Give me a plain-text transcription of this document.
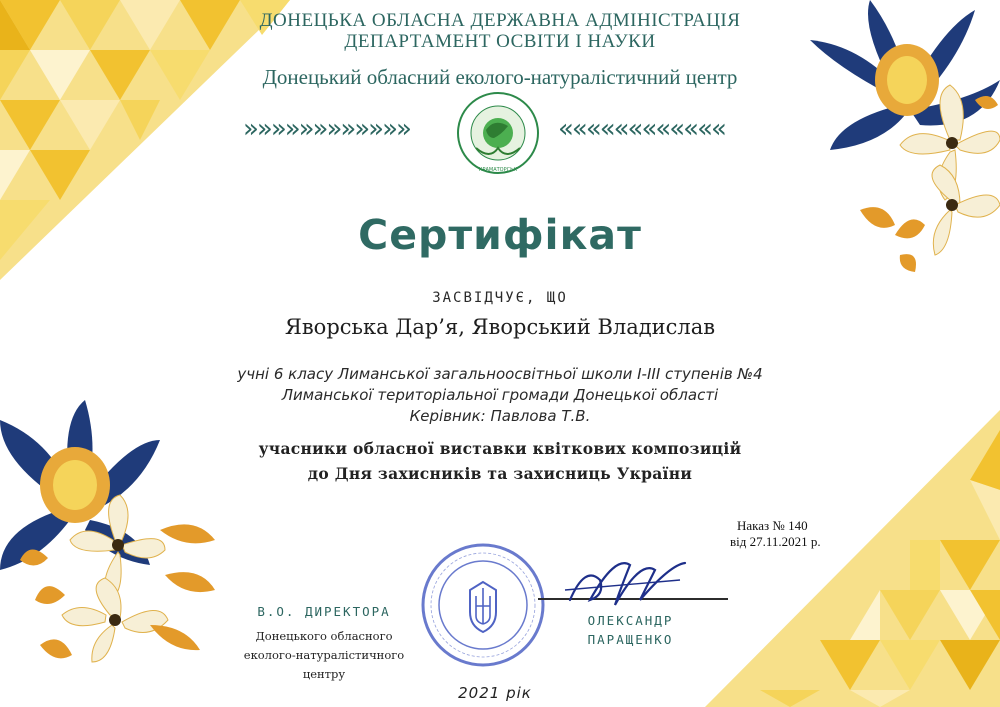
ДОНЕЦЬКА ОБЛАСНА ДЕРЖАВНА АДМІНІСТРАЦІЯ
ДЕПАРТАМЕНТ ОСВІТИ І НАУКИ
Донецький обласний еколого-натуралістичний центр
»»»»»»»»»»»»	««««««««««««
КРАМАТОРСЬК
Сертифікат
ЗАСВІДЧУЄ, ЩО
Яворська Дар’я, Яворський Владислав
учні 6 класу Лиманської загальноосвітньої школи І-ІІІ ступенів №4
Лиманської територіальної громади Донецької області
Керівник: Павлова Т.В.
учасники обласної виставки квіткових композицій
до Дня захисників та захисниць України
Наказ № 140
від 27.11.2021 р.
В.О. ДИРЕКТОРА
Донецького обласного
еколого-натуралістичного
центру
ОЛЕКСАНДР
ПАРАЩЕНКО
2021 рік
